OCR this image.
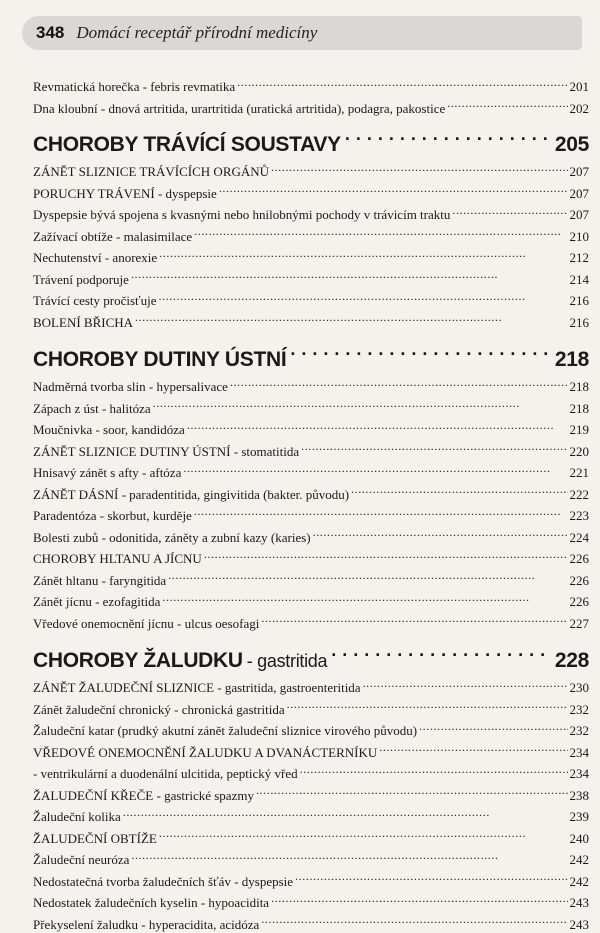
348 Domácí receptář přírodní medicíny
Revmatická horečka - febris revmatika . . .	201
Dna kloubní - dnová artritida, urartritida (uratická artritida), podagra, pakostice . . .	202
CHOROBY TRÁVÍCÍ SOUSTAVY · · ·	205
ZÁNĚT SLIZNICE TRÁVÍCÍCH ORGÁNŮ . . .	207
PORUCHY TRÁVENÍ - dyspepsie . . .	207
Dyspepsie bývá spojena s kvasnými nebo hnilobnými pochody v trávicím traktu . . .	207
Zažívací obtíže - malasimilace . . .	210
Nechutenství - anorexie . . .	212
Trávení podporuje . . .	214
Trávící cesty pročisťuje . . .	216
BOLENÍ BŘICHA . . .	216
CHOROBY DUTINY ÚSTNÍ · · ·	218
Nadměrná tvorba slin - hypersalivace . . .	218
Zápach z úst - halitóza . . .	218
Moučnivka - soor, kandidóza . . .	219
ZÁNĚT SLIZNICE DUTINY ÚSTNÍ - stomatitida . . .	220
Hnisavý zánět s afty - aftóza . . .	221
ZÁNĚT DÁSNÍ - paradentitida, gingivitida (bakter. původu) . . .	222
Paradentóza - skorbut, kurděje . . .	223
Bolesti zubů - odonitida, záněty a zubní kazy (karies) . . .	224
CHOROBY HLTANU A JÍCNU . . .	226
Zánět hltanu - faryngitida . . .	226
Zánět jícnu - ezofagitida . . .	226
Vředové onemocnění jícnu - ulcus oesofagi . . .	227
CHOROBY ŽALUDKU - gastritida · · ·	228
ZÁNĚT ŽALUDEČNÍ SLIZNICE - gastritida, gastroenteritida . . .	230
Zánět žaludeční chronický - chronická gastritida . . .	232
Žaludeční katar (prudký akutní zánět žaludeční sliznice virového původu) . . .	232
VŘEDOVÉ ONEMOCNĚNÍ ŽALUDKU A DVANÁCTERNÍKU . . .	234
- ventrikulární a duodenální ulcitida, peptický vřed . . .	234
ŽALUDEČNÍ KŘEČE - gastrické spazmy . . .	238
Žaludeční kolika . . .	239
ŽALUDEČNÍ OBTÍŽE . . .	240
Žaludeční neuróza . . .	242
Nedostatečná tvorba žaludečních šťáv - dyspepsie . . .	242
Nedostatek žaludečních kyselin - hypoacidita . . .	243
Překyselení žaludku - hyperacidita, acidóza . . .	243
